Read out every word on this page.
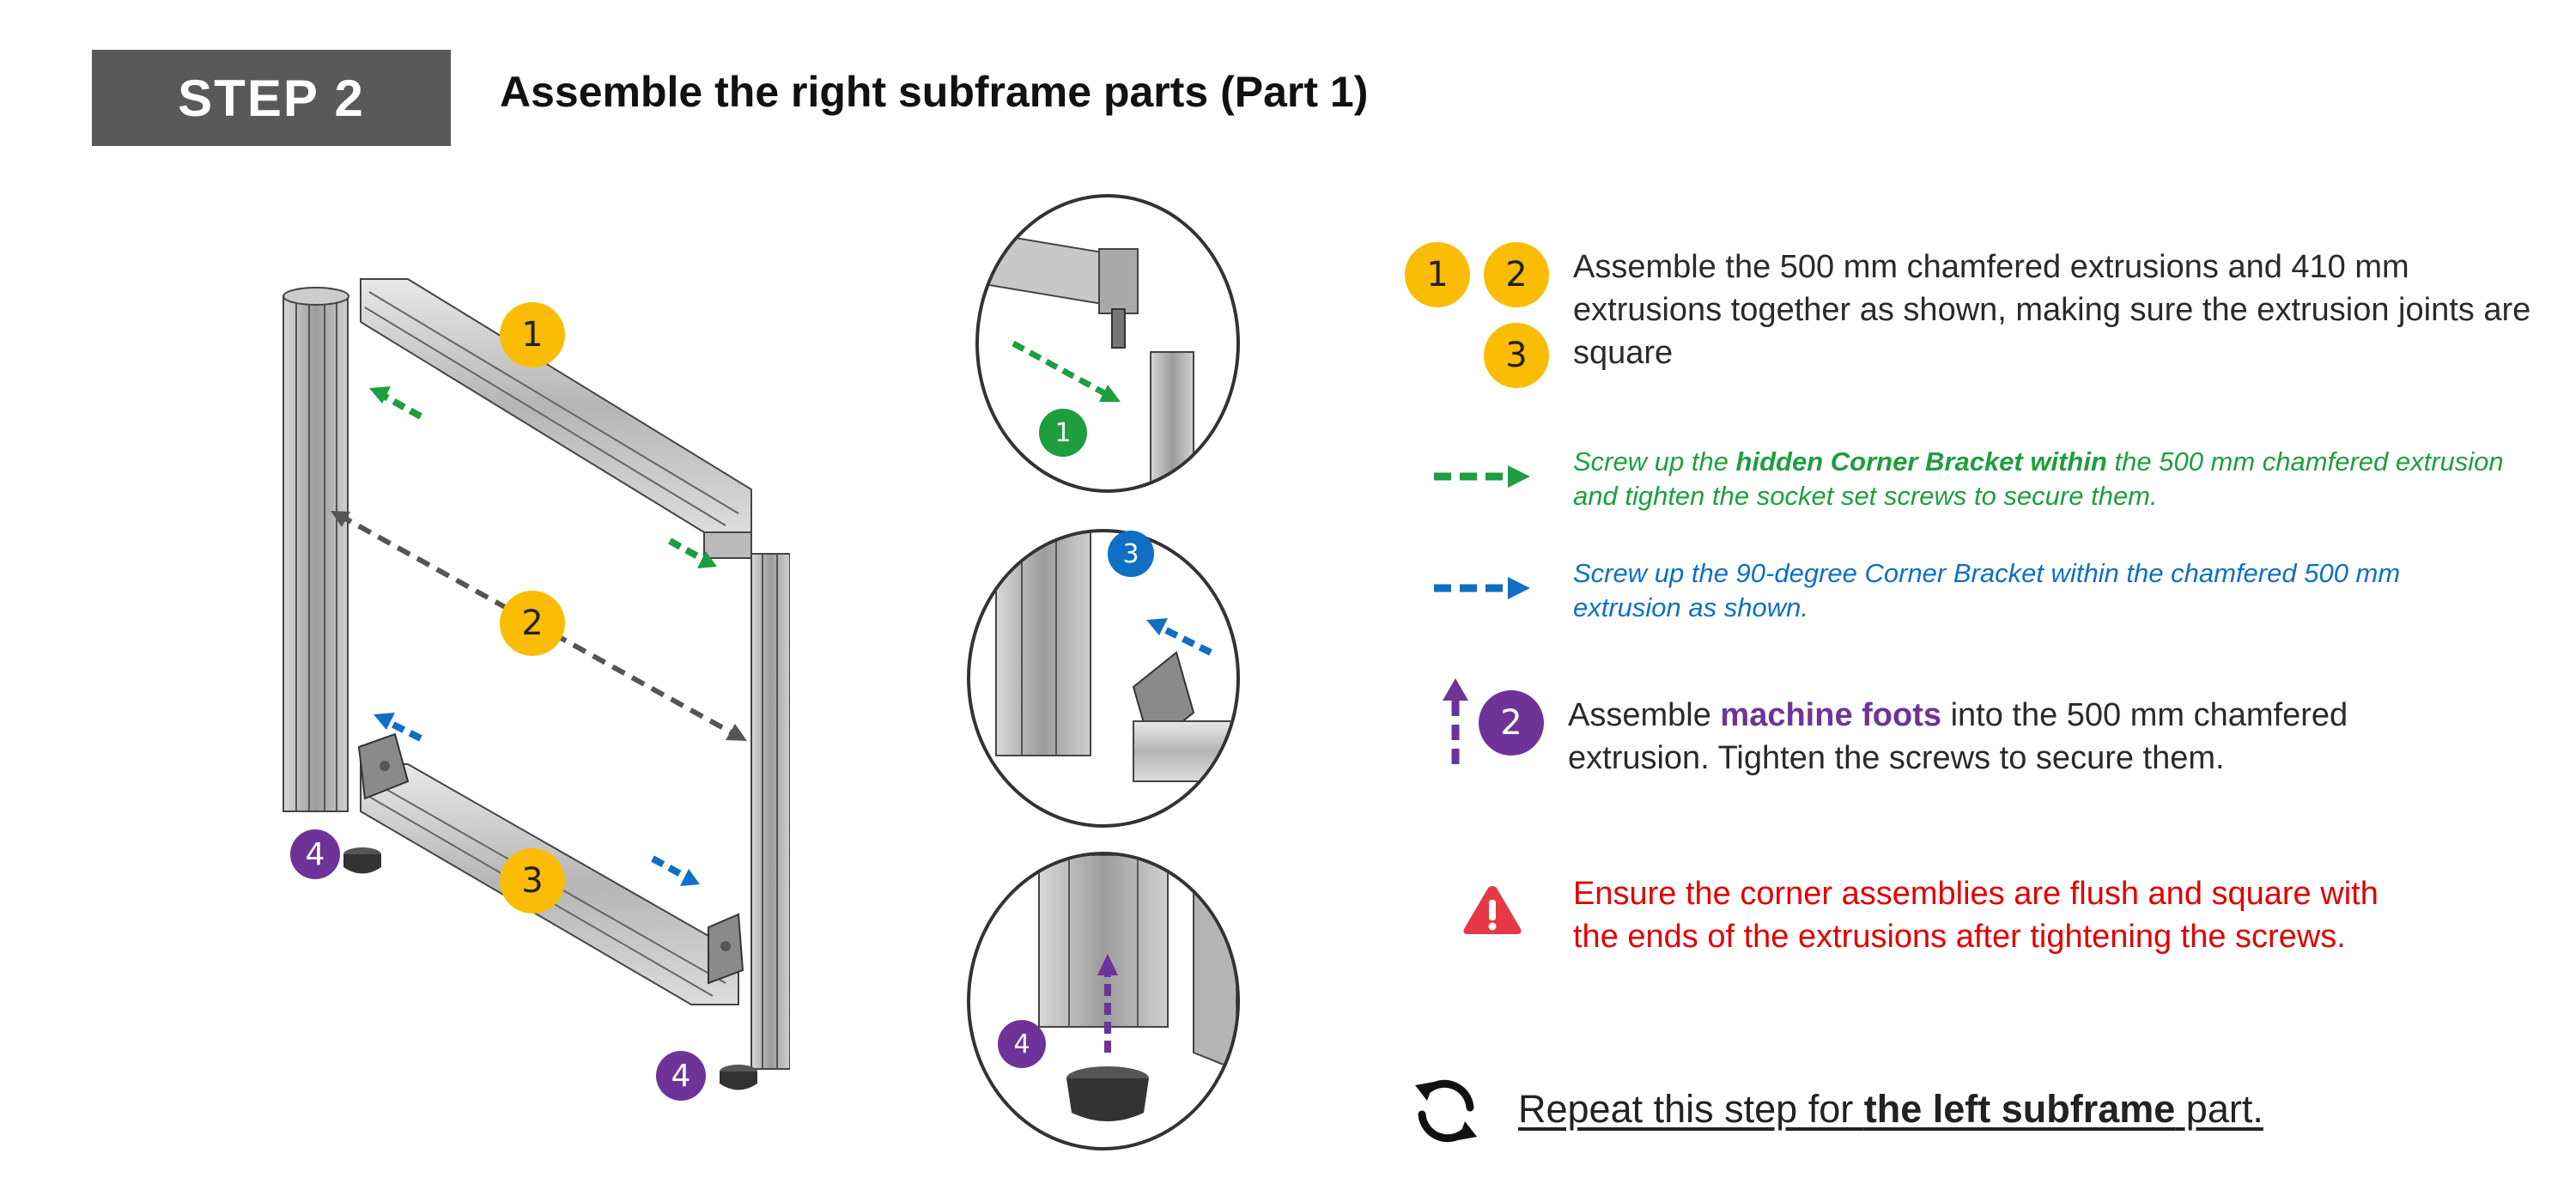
STEP 2	Assemble the right subframe parts (Part 1)
1
2
3
4
4
1
3
4
1	2
3
Assemble the 500 mm chamfered extrusions and 410 mm extrusions together as shown, making sure the extrusion joints are square
Screw up the hidden Corner Bracket within the 500 mm chamfered extrusion and tighten the socket set screws to secure them.
Screw up the 90-degree Corner Bracket within the chamfered 500 mm extrusion as shown.
2	Assemble machine foots into the 500 mm chamfered extrusion. Tighten the screws to secure them.
Ensure the corner assemblies are flush and square with the ends of the extrusions after tightening the screws.
Repeat this step for the left subframe part.
